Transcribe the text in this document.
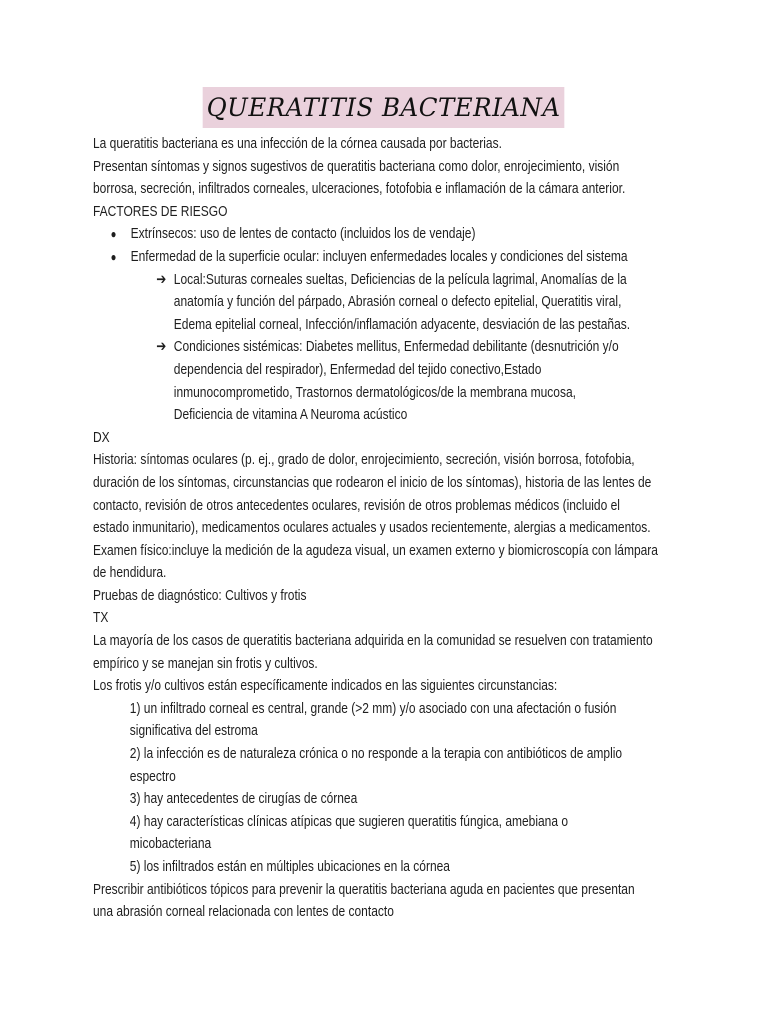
QUERATITIS BACTERIANA
La queratitis bacteriana es una infección de la córnea causada por bacterias.
Presentan síntomas y signos sugestivos de queratitis bacteriana como dolor, enrojecimiento, visión
borrosa, secreción, infiltrados corneales, ulceraciones, fotofobia e inflamación de la cámara anterior.
FACTORES DE RIESGO
● Extrínsecos: uso de lentes de contacto (incluidos los de vendaje)
● Enfermedad de la superficie ocular: incluyen enfermedades locales y condiciones del sistema
➔ Local:Suturas corneales sueltas, Deficiencias de la película lagrimal, Anomalías de la
anatomía y función del párpado, Abrasión corneal o defecto epitelial, Queratitis viral,
Edema epitelial corneal, Infección/inflamación adyacente, desviación de las pestañas.
➔ Condiciones sistémicas: Diabetes mellitus, Enfermedad debilitante (desnutrición y/o
dependencia del respirador), Enfermedad del tejido conectivo,Estado
inmunocomprometido, Trastornos dermatológicos/de la membrana mucosa,
Deficiencia de vitamina A Neuroma acústico
DX
Historia: síntomas oculares (p. ej., grado de dolor, enrojecimiento, secreción, visión borrosa, fotofobia,
duración de los síntomas, circunstancias que rodearon el inicio de los síntomas), historia de las lentes de
contacto, revisión de otros antecedentes oculares, revisión de otros problemas médicos (incluido el
estado inmunitario), medicamentos oculares actuales y usados recientemente, alergias a medicamentos.
Examen físico:incluye la medición de la agudeza visual, un examen externo y biomicroscopía con lámpara
de hendidura.
Pruebas de diagnóstico: Cultivos y frotis
TX
La mayoría de los casos de queratitis bacteriana adquirida en la comunidad se resuelven con tratamiento
empírico y se manejan sin frotis y cultivos.
Los frotis y/o cultivos están específicamente indicados en las siguientes circunstancias:
1) un infiltrado corneal es central, grande (>2 mm) y/o asociado con una afectación o fusión
significativa del estroma
2) la infección es de naturaleza crónica o no responde a la terapia con antibióticos de amplio
espectro
3) hay antecedentes de cirugías de córnea
4) hay características clínicas atípicas que sugieren queratitis fúngica, amebiana o
micobacteriana
5) los infiltrados están en múltiples ubicaciones en la córnea
Prescribir antibióticos tópicos para prevenir la queratitis bacteriana aguda en pacientes que presentan
una abrasión corneal relacionada con lentes de contacto
